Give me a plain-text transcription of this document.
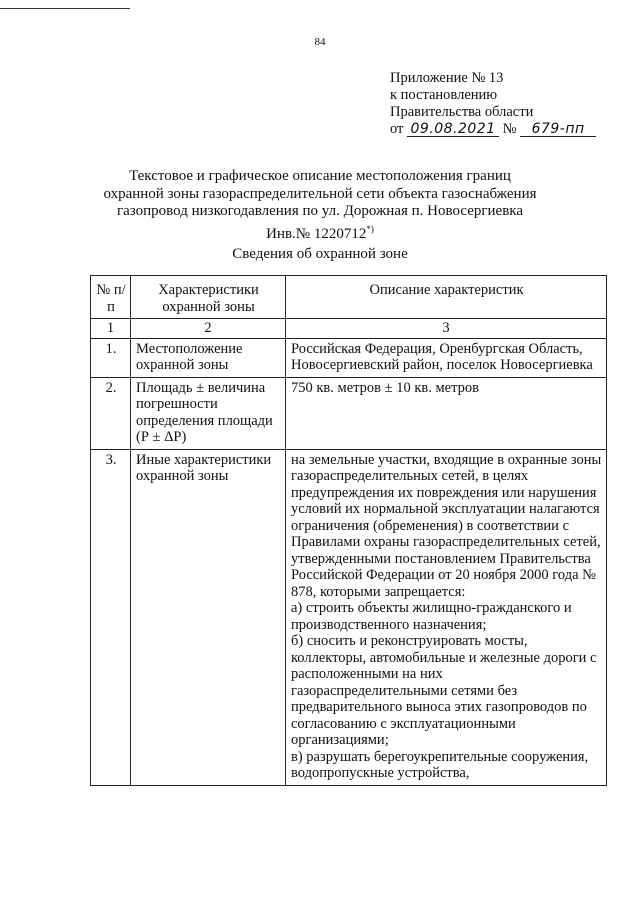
84
Приложение № 13
к постановлению
Правительства области
от 09.08.2021 № 679-пп
Текстовое и графическое описание местоположения границ
охранной зоны газораспределительной сети объекта газоснабжения
газопровод низкогодавления по ул. Дорожная п. Новосергиевка
Инв.№ 1220712*)
Сведения об охранной зоне
№ п/п	Характеристики охранной зоны	Описание характеристик
1	2	3
1.	Местоположение охранной зоны	Российская Федерация, Оренбургская Область, Новосергиевский район, поселок Новосергиевка
2.	Площадь ± величина погрешности определения площади (Р ± ΔР)	750 кв. метров ± 10 кв. метров
3.	Иные характеристики охранной зоны	на земельные участки, входящие в охранные зоны газораспределительных сетей, в целях предупреждения их повреждения или нарушения условий их нормальной эксплуатации налагаются ограничения (обременения) в соответствии с Правилами охраны газораспределительных сетей, утвержденными постановлением Правительства Российской Федерации от 20 ноября 2000 года № 878, которыми запрещается:
а) строить объекты жилищно-гражданского и производственного назначения;
б) сносить и реконструировать мосты, коллекторы, автомобильные и железные дороги с расположенными на них газораспределительными сетями без предварительного выноса этих газопроводов по согласованию с эксплуатационными организациями;
в) разрушать берегоукрепительные сооружения, водопропускные устройства,
